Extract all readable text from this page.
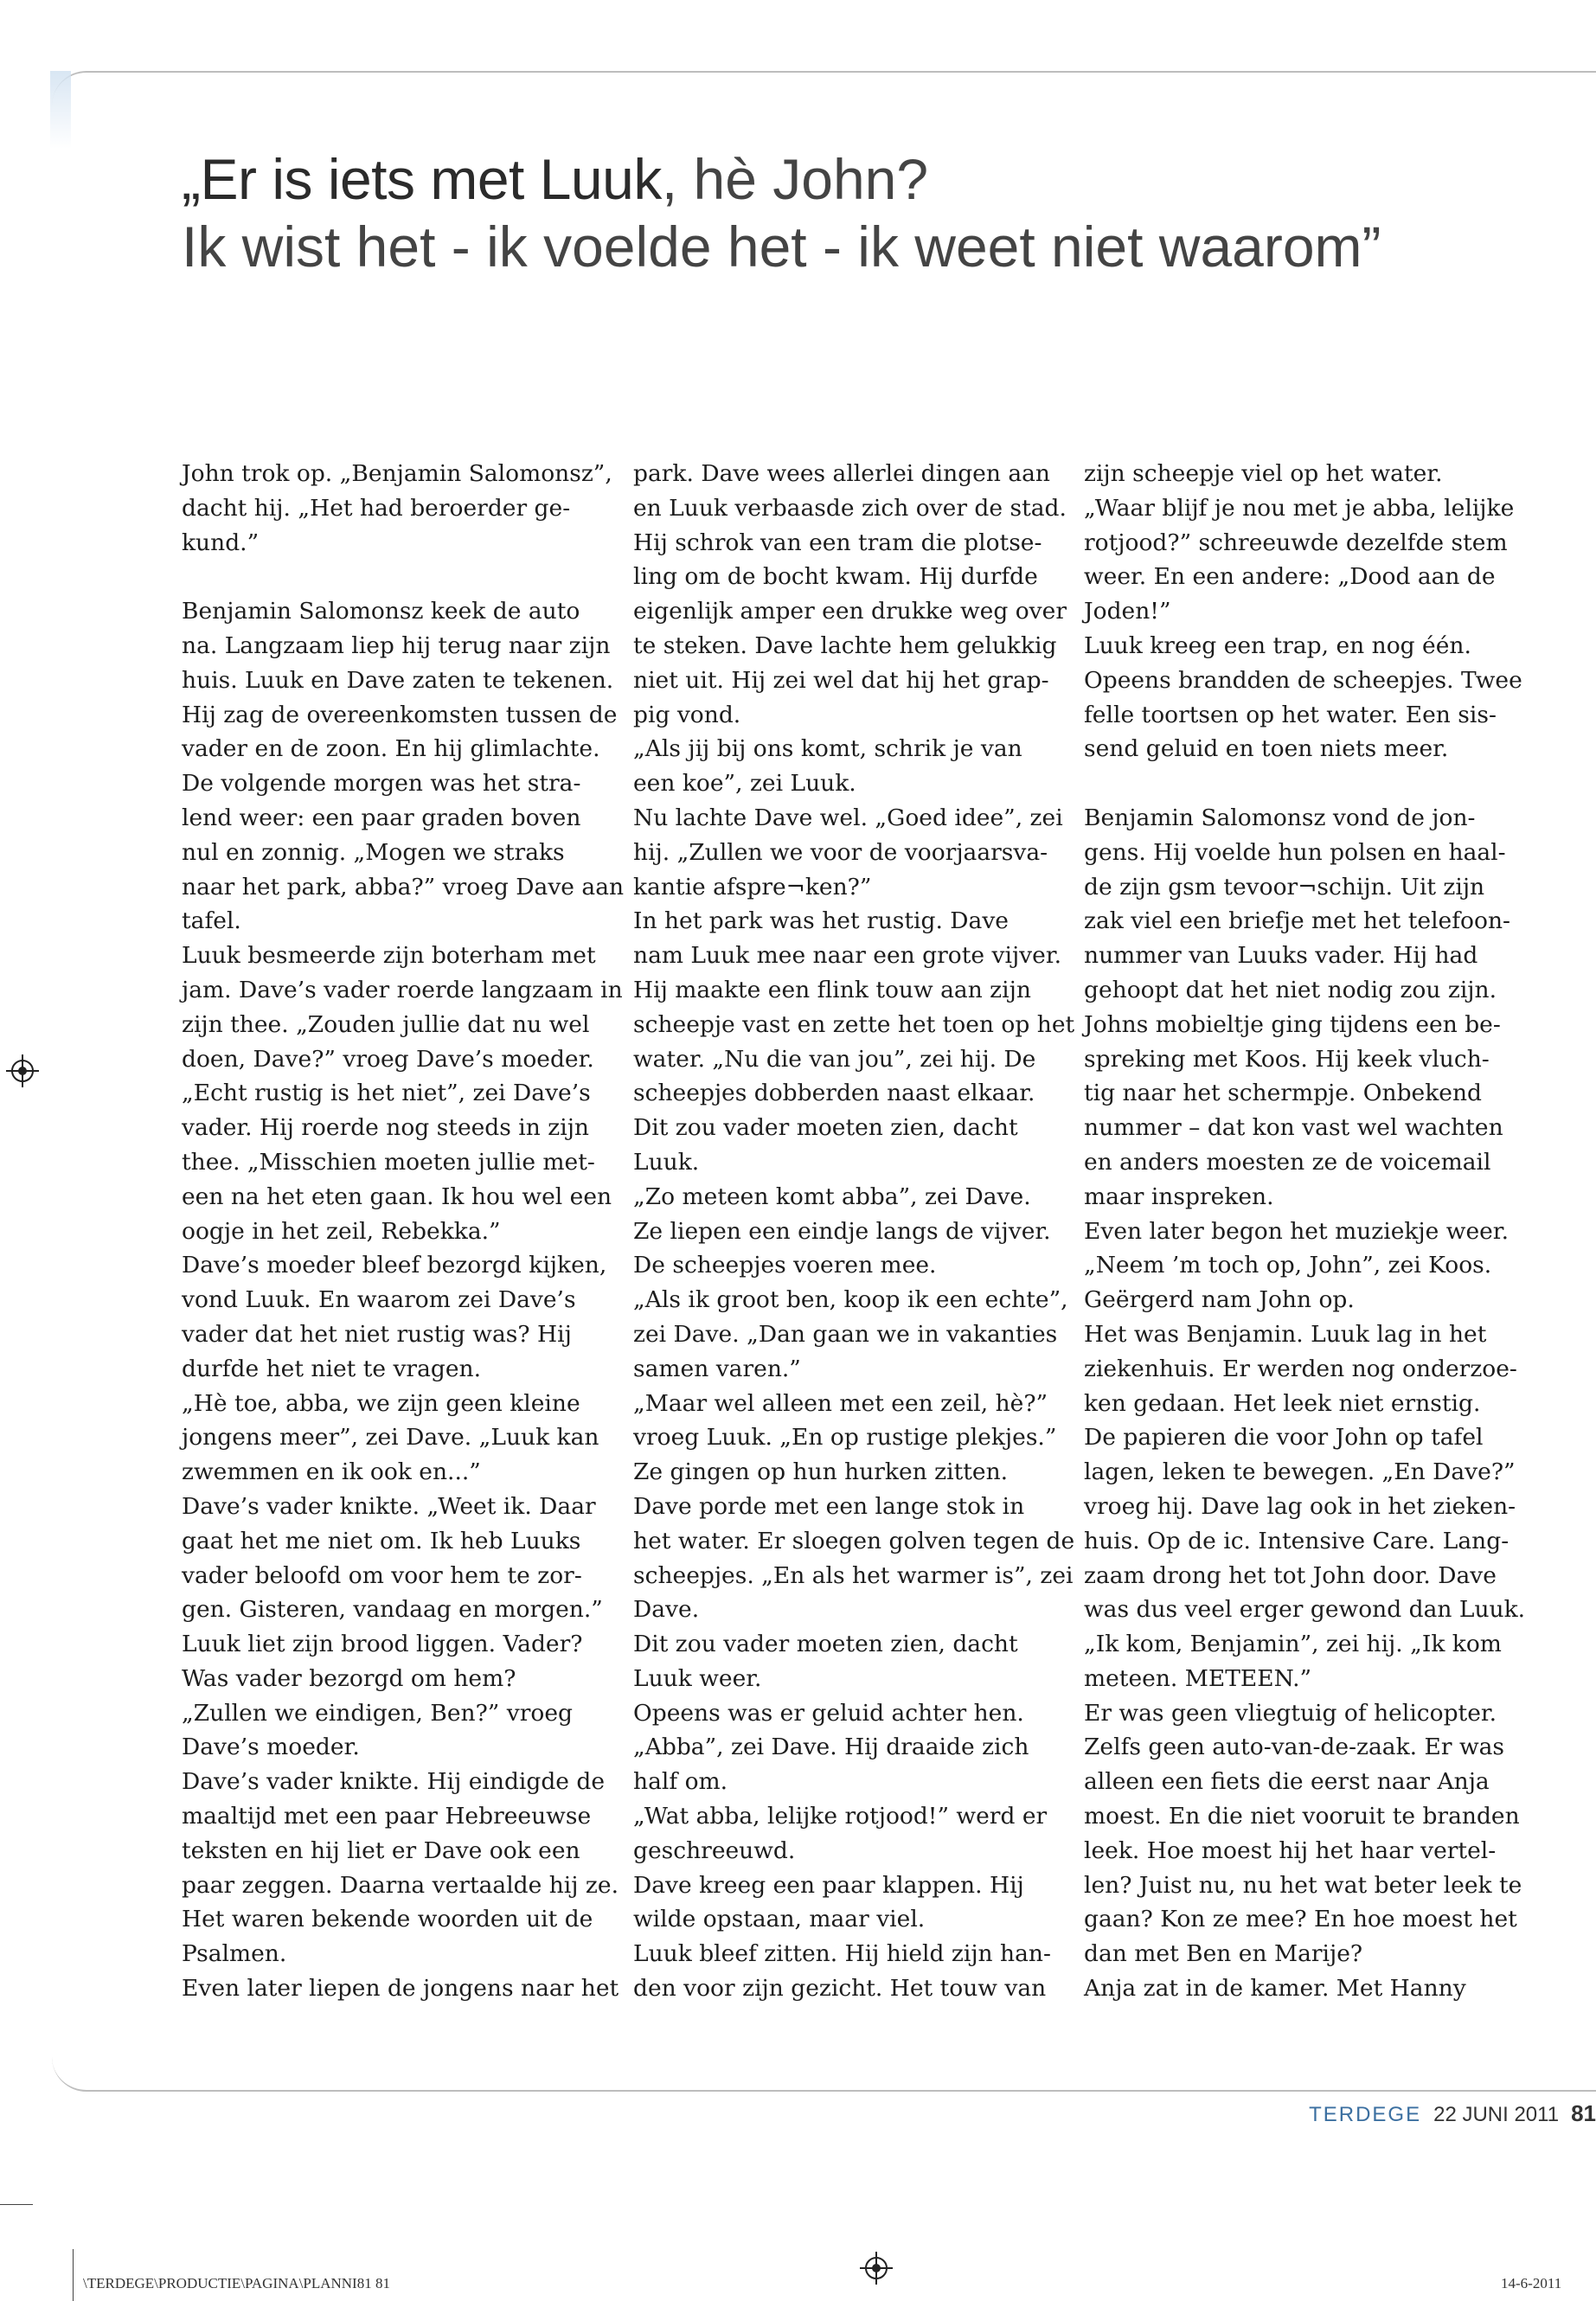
„Er is iets met Luuk, hè John?
Ik wist het - ik voelde het - ik weet niet waarom”

John trok op. „Benjamin Salomonsz”,

dacht hij. „Het had beroerder ge-

kund.”

Benjamin Salomonsz keek de auto

na. Langzaam liep hij terug naar zijn

huis. Luuk en Dave zaten te tekenen.

Hij zag de overeenkomsten tussen de

vader en de zoon. En hij glimlachte.

De volgende morgen was het stra-

lend weer: een paar graden boven

nul en zonnig. „Mogen we straks

naar het park, abba?” vroeg Dave aan

tafel.

Luuk besmeerde zijn boterham met

jam. Dave’s vader roerde langzaam in

zijn thee. „Zouden jullie dat nu wel

doen, Dave?” vroeg Dave’s moeder.

„Echt rustig is het niet”, zei Dave’s

vader. Hij roerde nog steeds in zijn

thee. „Misschien moeten jullie met-

een na het eten gaan. Ik hou wel een

oogje in het zeil, Rebekka.”

Dave’s moeder bleef bezorgd kijken,

vond Luuk. En waarom zei Dave’s

vader dat het niet rustig was? Hij

durfde het niet te vragen.

„Hè toe, abba, we zijn geen kleine

jongens meer”, zei Dave. „Luuk kan

zwemmen en ik ook en...”

Dave’s vader knikte. „Weet ik. Daar

gaat het me niet om. Ik heb Luuks

vader beloofd om voor hem te zor-

gen. Gisteren, vandaag en morgen.”

Luuk liet zijn brood liggen. Vader?

Was vader bezorgd om hem?

„Zullen we eindigen, Ben?” vroeg

Dave’s moeder.

Dave’s vader knikte. Hij eindigde de

maaltijd met een paar Hebreeuwse

teksten en hij liet er Dave ook een

paar zeggen. Daarna vertaalde hij ze.

Het waren bekende woorden uit de

Psalmen.

Even later liepen de jongens naar het

park. Dave wees allerlei dingen aan

en Luuk verbaasde zich over de stad.

Hij schrok van een tram die plotse-

ling om de bocht kwam. Hij durfde

eigenlijk amper een drukke weg over

te steken. Dave lachte hem gelukkig

niet uit. Hij zei wel dat hij het grap-

pig vond.

„Als jij bij ons komt, schrik je van

een koe”, zei Luuk.

Nu lachte Dave wel. „Goed idee”, zei

hij. „Zullen we voor de voorjaarsva-

kantie afspre¬ken?”

In het park was het rustig. Dave

nam Luuk mee naar een grote vijver.

Hij maakte een flink touw aan zijn

scheepje vast en zette het toen op het

water. „Nu die van jou”, zei hij. De

scheepjes dobberden naast elkaar.

Dit zou vader moeten zien, dacht

Luuk.

„Zo meteen komt abba”, zei Dave.

Ze liepen een eindje langs de vijver.

De scheepjes voeren mee.

„Als ik groot ben, koop ik een echte”,

zei Dave. „Dan gaan we in vakanties

samen varen.”

„Maar wel alleen met een zeil, hè?”

vroeg Luuk. „En op rustige plekjes.”

Ze gingen op hun hurken zitten.

Dave porde met een lange stok in

het water. Er sloegen golven tegen de

scheepjes. „En als het warmer is”, zei

Dave.

Dit zou vader moeten zien, dacht

Luuk weer.

Opeens was er geluid achter hen.

„Abba”, zei Dave. Hij draaide zich

half om.

„Wat abba, lelijke rotjood!” werd er

geschreeuwd.

Dave kreeg een paar klappen. Hij

wilde opstaan, maar viel.

Luuk bleef zitten. Hij hield zijn han-

den voor zijn gezicht. Het touw van

zijn scheepje viel op het water.

„Waar blijf je nou met je abba, lelijke

rotjood?” schreeuwde dezelfde stem

weer. En een andere: „Dood aan de

Joden!”

Luuk kreeg een trap, en nog één.

Opeens brandden de scheepjes. Twee

felle toortsen op het water. Een sis-

send geluid en toen niets meer.

Benjamin Salomonsz vond de jon-

gens. Hij voelde hun polsen en haal-

de zijn gsm tevoor¬schijn. Uit zijn

zak viel een briefje met het telefoon-

nummer van Luuks vader. Hij had

gehoopt dat het niet nodig zou zijn.

Johns mobieltje ging tijdens een be-

spreking met Koos. Hij keek vluch-

tig naar het schermpje. Onbekend

nummer – dat kon vast wel wachten

en anders moesten ze de voicemail

maar inspreken.

Even later begon het muziekje weer.

„Neem ’m toch op, John”, zei Koos.

Geërgerd nam John op.

Het was Benjamin. Luuk lag in het

ziekenhuis. Er werden nog onderzoe-

ken gedaan. Het leek niet ernstig.

De papieren die voor John op tafel

lagen, leken te bewegen. „En Dave?”

vroeg hij. Dave lag ook in het zieken-

huis. Op de ic. Intensive Care. Lang-

zaam drong het tot John door. Dave

was dus veel erger gewond dan Luuk.

„Ik kom, Benjamin”, zei hij. „Ik kom

meteen. METEEN.”

Er was geen vliegtuig of helicopter.

Zelfs geen auto-van-de-zaak. Er was

alleen een fiets die eerst naar Anja

moest. En die niet vooruit te branden

leek. Hoe moest hij het haar vertel-

len? Juist nu, nu het wat beter leek te

gaan? Kon ze mee? En hoe moest het

dan met Ben en Marije?

Anja zat in de kamer. Met Hanny

TERDEGE 22 JUNI 2011 81
\TERDEGE\PRODUCTIE\PAGINA\PLANNI81 81	14-6-2011
